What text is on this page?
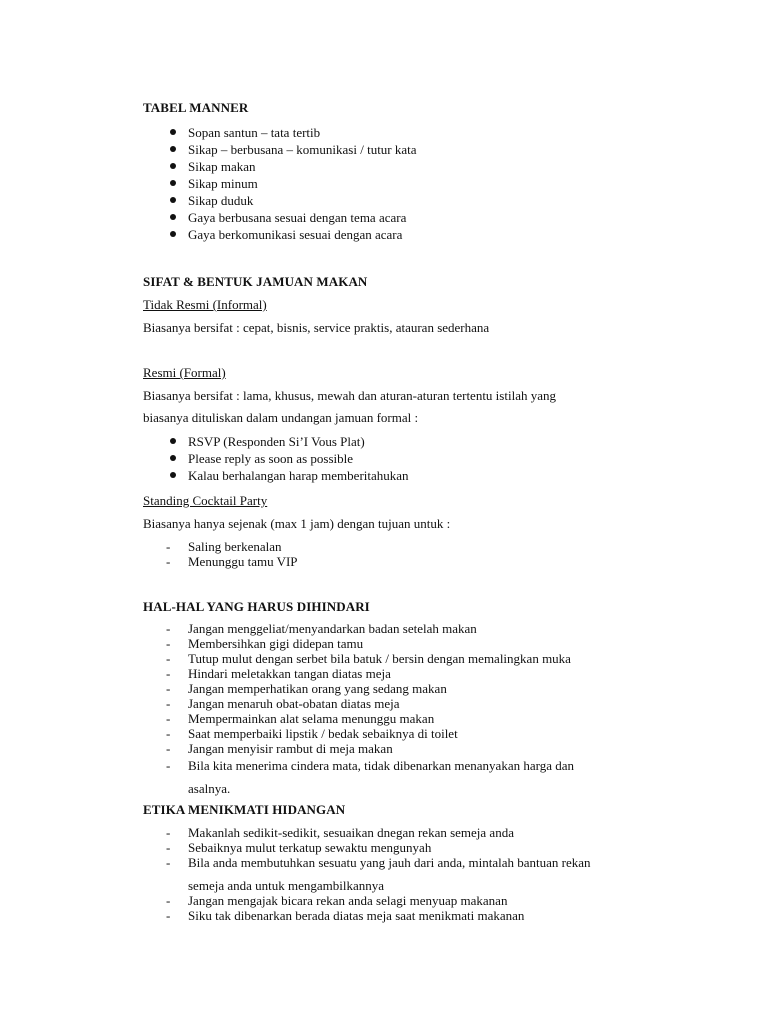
TABEL MANNER
Sopan santun – tata tertib
Sikap – berbusana – komunikasi / tutur kata
Sikap makan
Sikap minum
Sikap duduk
Gaya berbusana sesuai dengan tema acara
Gaya berkomunikasi sesuai dengan acara
SIFAT & BENTUK JAMUAN MAKAN
Tidak Resmi (Informal)
Biasanya bersifat : cepat, bisnis, service praktis, atauran sederhana
Resmi (Formal)
Biasanya bersifat : lama, khusus, mewah dan aturan-aturan tertentu istilah yang
biasanya dituliskan dalam undangan jamuan formal :
RSVP (Responden Si’I Vous Plat)
Please reply as soon as possible
Kalau berhalangan harap memberitahukan
Standing Cocktail Party
Biasanya hanya sejenak (max 1 jam) dengan tujuan untuk :
- Saling berkenalan
- Menunggu tamu VIP
HAL-HAL YANG HARUS DIHINDARI
- Jangan menggeliat/menyandarkan badan setelah makan
- Membersihkan gigi didepan tamu
- Tutup mulut dengan serbet bila batuk / bersin dengan memalingkan muka
- Hindari meletakkan tangan diatas meja
- Jangan memperhatikan orang yang sedang makan
- Jangan menaruh obat-obatan diatas meja
- Mempermainkan alat selama menunggu makan
- Saat memperbaiki lipstik / bedak sebaiknya di toilet
- Jangan menyisir rambut di meja makan
- Bila kita menerima cindera mata, tidak dibenarkan menanyakan harga dan
asalnya.
ETIKA MENIKMATI HIDANGAN
- Makanlah sedikit-sedikit, sesuaikan dnegan rekan semeja anda
- Sebaiknya mulut terkatup sewaktu mengunyah
- Bila anda membutuhkan sesuatu yang jauh dari anda, mintalah bantuan rekan
semeja anda untuk mengambilkannya
- Jangan mengajak bicara rekan anda selagi menyuap makanan
- Siku tak dibenarkan berada diatas meja saat menikmati makanan
